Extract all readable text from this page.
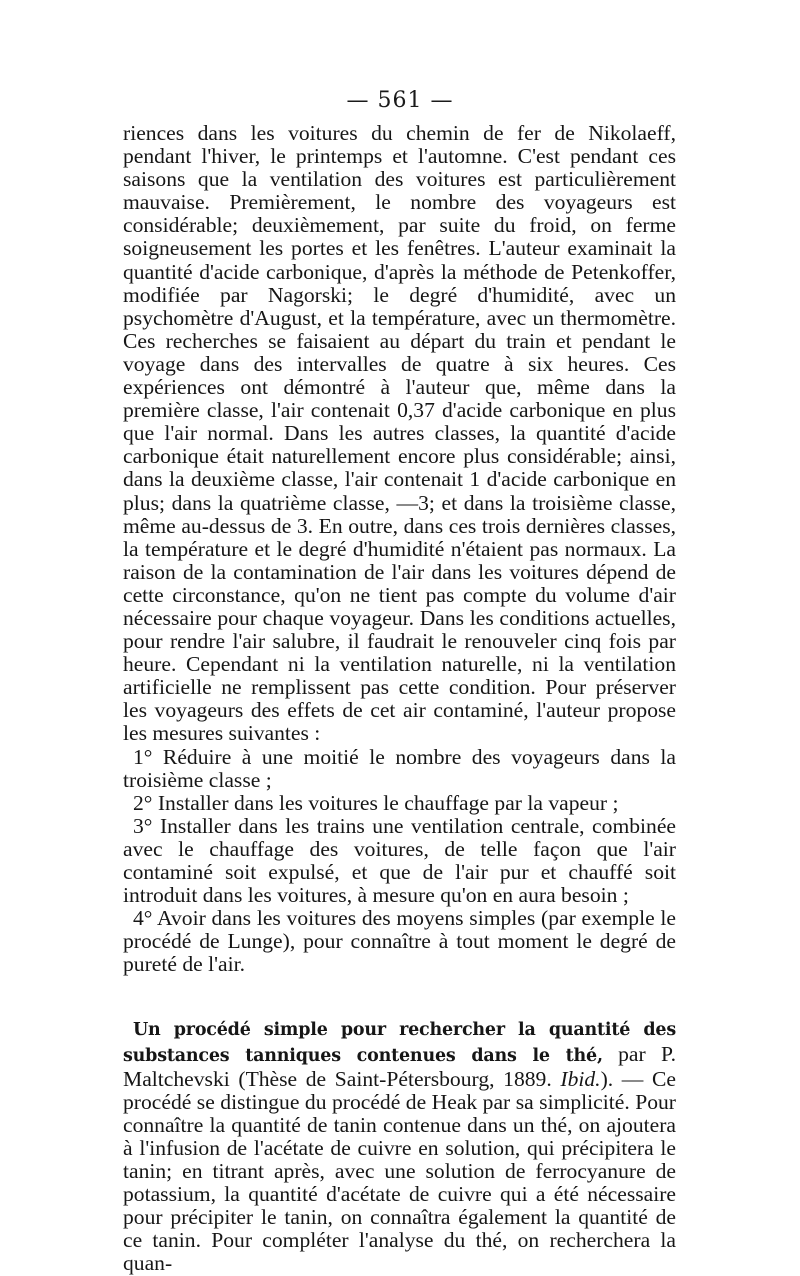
— 561 —

riences dans les voitures du chemin de fer de Nikolaeff, pendant l'hiver, le printemps et l'automne. C'est pendant ces saisons que la ventilation des voitures est particulièrement mauvaise. Premièrement, le nombre des voyageurs est considérable; deuxièmement, par suite du froid, on ferme soigneusement les portes et les fenêtres. L'auteur examinait la quantité d'acide carbonique, d'après la méthode de Petenkoffer, modifiée par Nagorski; le degré d'humidité, avec un psychomètre d'August, et la température, avec un thermomètre. Ces recherches se faisaient au départ du train et pendant le voyage dans des intervalles de quatre à six heures. Ces expériences ont démontré à l'auteur que, même dans la première classe, l'air contenait 0,37 d'acide carbonique en plus que l'air normal. Dans les autres classes, la quantité d'acide carbonique était naturellement encore plus considérable; ainsi, dans la deuxième classe, l'air contenait 1 d'acide carbonique en plus; dans la quatrième classe, —3; et dans la troisième classe, même au-dessus de 3. En outre, dans ces trois dernières classes, la température et le degré d'humidité n'étaient pas normaux. La raison de la contamination de l'air dans les voitures dépend de cette circonstance, qu'on ne tient pas compte du volume d'air nécessaire pour chaque voyageur. Dans les conditions actuelles, pour rendre l'air salubre, il faudrait le renouveler cinq fois par heure. Cependant ni la ventilation naturelle, ni la ventilation artificielle ne remplissent pas cette condition. Pour préserver les voyageurs des effets de cet air contaminé, l'auteur propose les mesures suivantes :

1° Réduire à une moitié le nombre des voyageurs dans la troisième classe ;

2° Installer dans les voitures le chauffage par la vapeur ;

3° Installer dans les trains une ventilation centrale, combinée avec le chauffage des voitures, de telle façon que l'air contaminé soit expulsé, et que de l'air pur et chauffé soit introduit dans les voitures, à mesure qu'on en aura besoin ;

4° Avoir dans les voitures des moyens simples (par exemple le procédé de Lunge), pour connaître à tout moment le degré de pureté de l'air.

Un procédé simple pour rechercher la quantité des substances tanniques contenues dans le thé, par P. Maltchevski (Thèse de Saint-Pétersbourg, 1889. Ibid.). — Ce procédé se distingue du procédé de Heak par sa simplicité. Pour connaître la quantité de tanin contenue dans un thé, on ajoutera à l'infusion de l'acétate de cuivre en solution, qui précipitera le tanin; en titrant après, avec une solution de ferrocyanure de potassium, la quantité d'acétate de cuivre qui a été nécessaire pour précipiter le tanin, on connaîtra également la quantité de ce tanin. Pour compléter l'analyse du thé, on recherchera la quan-
